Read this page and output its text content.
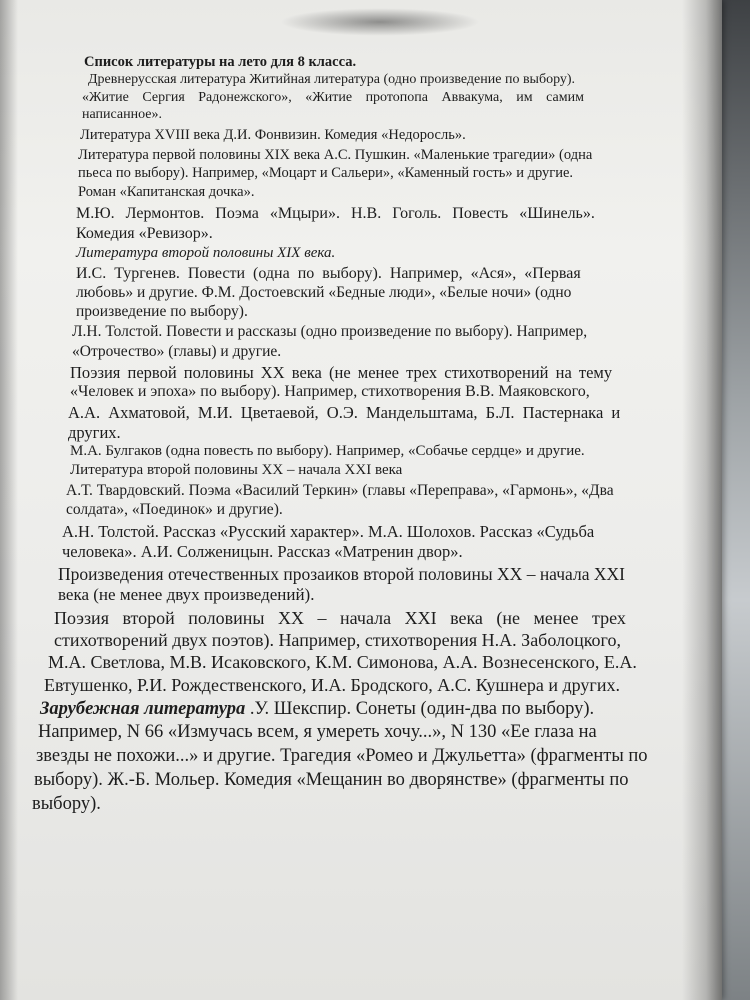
Список литературы на лето для 8 класса.
Древнерусская литература Житийная литература (одно произведение по выбору).
«Житие Сергия Радонежского», «Житие протопопа Аввакума, им самим
написанное».
Литература XVIII века Д.И. Фонвизин. Комедия «Недоросль».
Литература первой половины XIX века А.С. Пушкин. «Маленькие трагедии» (одна
пьеса по выбору). Например, «Моцарт и Сальери», «Каменный гость» и другие.
Роман «Капитанская дочка».
М.Ю. Лермонтов. Поэма «Мцыри». Н.В. Гоголь. Повесть «Шинель».
Комедия «Ревизор».
Литература второй половины XIX века.
И.С. Тургенев. Повести (одна по выбору). Например, «Ася», «Первая
любовь» и другие. Ф.М. Достоевский «Бедные люди», «Белые ночи» (одно
произведение по выбору).
Л.Н. Толстой. Повести и рассказы (одно произведение по выбору). Например,
«Отрочество» (главы) и другие.
Поэзия первой половины XX века (не менее трех стихотворений на тему
«Человек и эпоха» по выбору). Например, стихотворения В.В. Маяковского,
А.А. Ахматовой, М.И. Цветаевой, О.Э. Мандельштама, Б.Л. Пастернака и
других.
М.А. Булгаков (одна повесть по выбору). Например, «Собачье сердце» и другие.
Литература второй половины XX – начала XXI века
А.Т. Твардовский. Поэма «Василий Теркин» (главы «Переправа», «Гармонь», «Два
солдата», «Поединок» и другие).
А.Н. Толстой. Рассказ «Русский характер». М.А. Шолохов. Рассказ «Судьба
человека». А.И. Солженицын. Рассказ «Матренин двор».
Произведения отечественных прозаиков второй половины XX – начала XXI
века (не менее двух произведений).
Поэзия второй половины XX – начала XXI века (не менее трех
стихотворений двух поэтов). Например, стихотворения Н.А. Заболоцкого,
М.А. Светлова, М.В. Исаковского, К.М. Симонова, А.А. Вознесенского, Е.А.
Евтушенко, Р.И. Рождественского, И.А. Бродского, А.С. Кушнера и других.
Зарубежная литература .У. Шекспир. Сонеты (один-два по выбору).
Например, N 66 «Измучась всем, я умереть хочу...», N 130 «Ее глаза на
звезды не похожи...» и другие. Трагедия «Ромео и Джульетта» (фрагменты по
выбору). Ж.-Б. Мольер. Комедия «Мещанин во дворянстве» (фрагменты по
выбору).
